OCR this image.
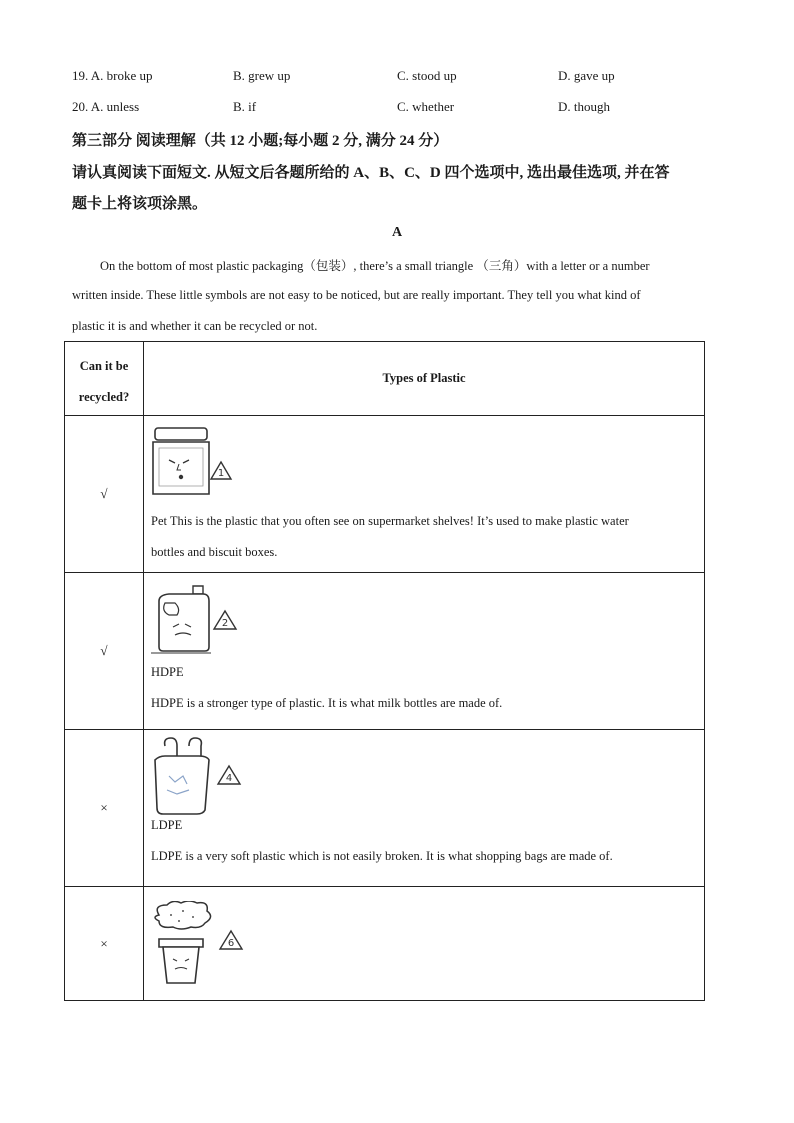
19. A. broke up	B. grew up	C. stood up	D. gave up
20. A. unless	B. if	C. whether	D. though
第三部分 阅读理解（共 12 小题;每小题 2 分, 满分 24 分）
请认真阅读下面短文. 从短文后各题所给的 A、B、C、D 四个选项中, 选出最佳选项, 并在答
题卡上将该项涂黑。
A
On the bottom of most plastic packaging（包装）, there’s a small triangle （三角）with a letter or a number
written inside. These little symbols are not easy to be noticed, but are really important. They tell you what kind of
plastic it is and whether it can be recycled or not.
Can it be
recycled?	Types of Plastic
√	1
Pet This is the plastic that you often see on supermarket shelves! It’s used to make plastic water
bottles and biscuit boxes.

√	2
HDPE
HDPE is a stronger type of plastic. It is what milk bottles are made of.

×	4
LDPE
LDPE is a very soft plastic which is not easily broken. It is what shopping bags are made of.

×	6
